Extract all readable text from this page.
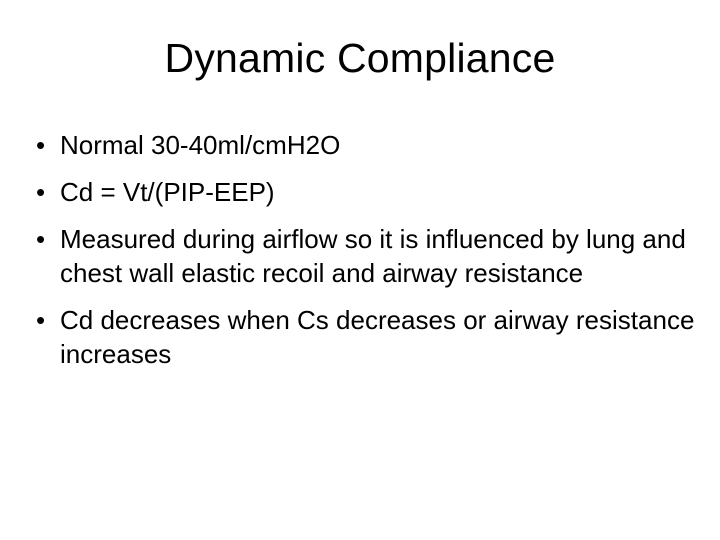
Dynamic Compliance
• Normal 30-40ml/cmH2O
• Cd = Vt/(PIP-EEP)
• Measured during airflow so it is influenced by lung and chest wall elastic recoil and airway resistance
• Cd decreases when Cs decreases or airway resistance increases
